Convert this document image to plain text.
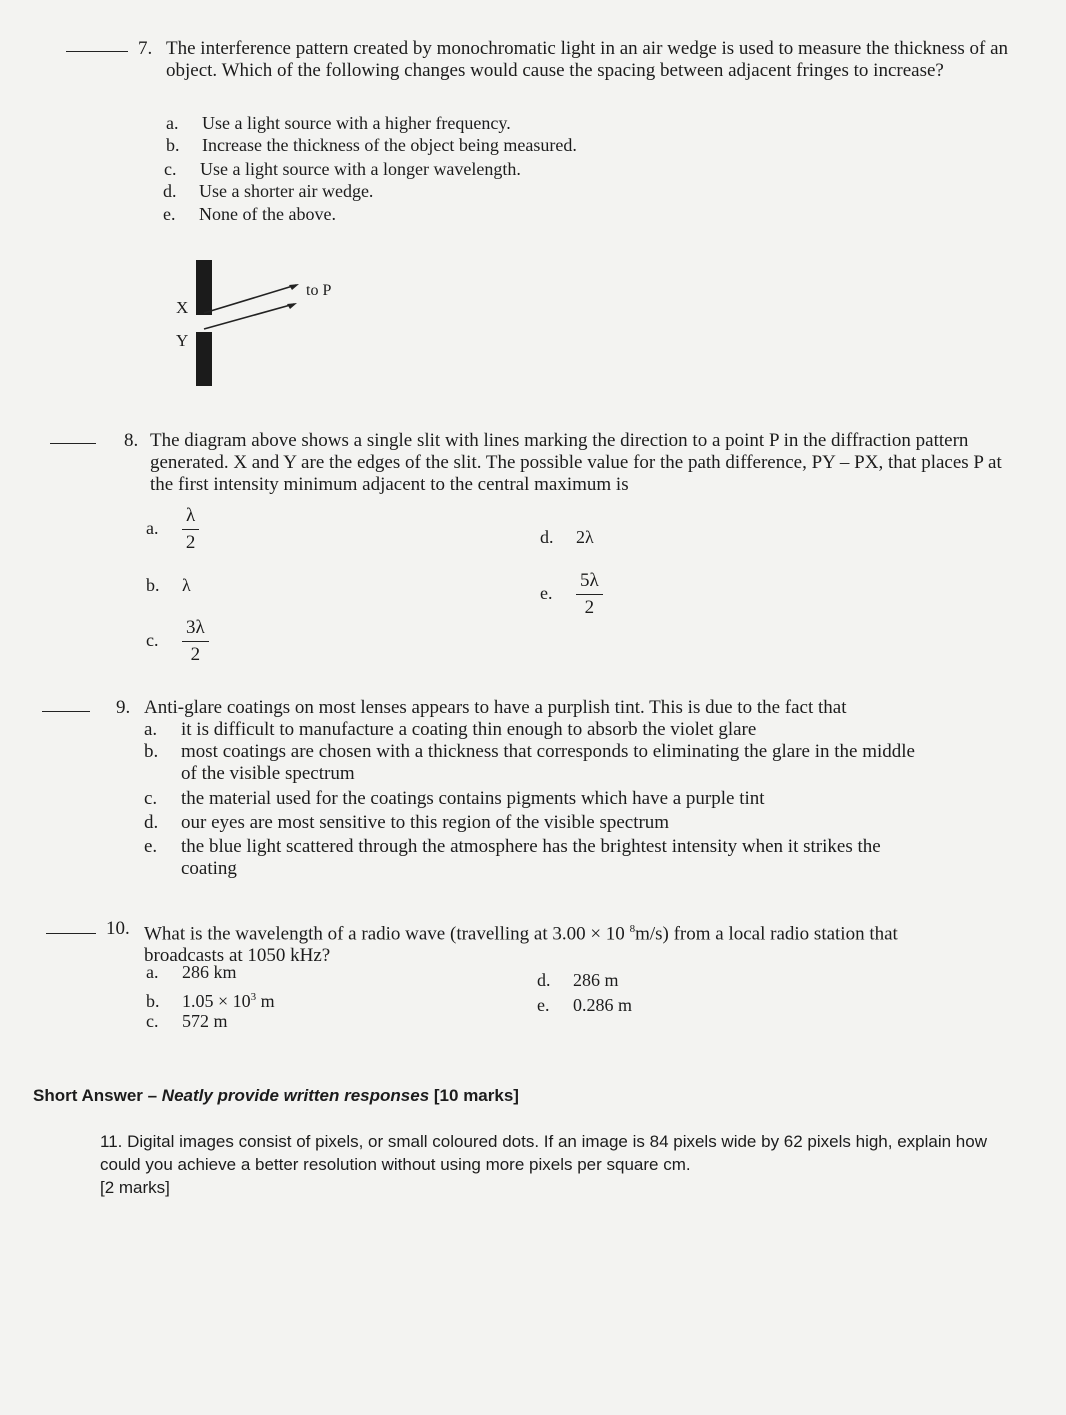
7. The interference pattern created by monochromatic light in an air wedge is used to measure the thickness of an object. Which of the following changes would cause the spacing between adjacent fringes to increase?
a. Use a light source with a higher frequency.
b. Increase the thickness of the object being measured.
c. Use a light source with a longer wavelength.
d. Use a shorter air wedge.
e. None of the above.
X
Y
to P
8. The diagram above shows a single slit with lines marking the direction to a point P in the diffraction pattern generated. X and Y are the edges of the slit. The possible value for the path difference, PY – PX, that places P at the first intensity minimum adjacent to the central maximum is
a. $\frac{\lambda}{2}$
b. λ
c. $\frac{3\lambda}{2}$
d. 2λ
e. $\frac{5\lambda}{2}$
9. Anti-glare coatings on most lenses appears to have a purplish tint. This is due to the fact that
a. it is difficult to manufacture a coating thin enough to absorb the violet glare
b. most coatings are chosen with a thickness that corresponds to eliminating the glare in the middle of the visible spectrum
c. the material used for the coatings contains pigments which have a purple tint
d. our eyes are most sensitive to this region of the visible spectrum
e. the blue light scattered through the atmosphere has the brightest intensity when it strikes the coating
10. What is the wavelength of a radio wave (travelling at 3.00 × 10 $^8$m/s) from a local radio station that broadcasts at 1050 kHz?
a. 286 km
b. $1.05 \times 10^3$ m
c. 572 m
d. 286 m
e. 0.286 m
Short Answer – Neatly provide written responses [10 marks]
11. Digital images consist of pixels, or small coloured dots. If an image is 84 pixels wide by 62 pixels high, explain how could you achieve a better resolution without using more pixels per square cm.
[2 marks]
